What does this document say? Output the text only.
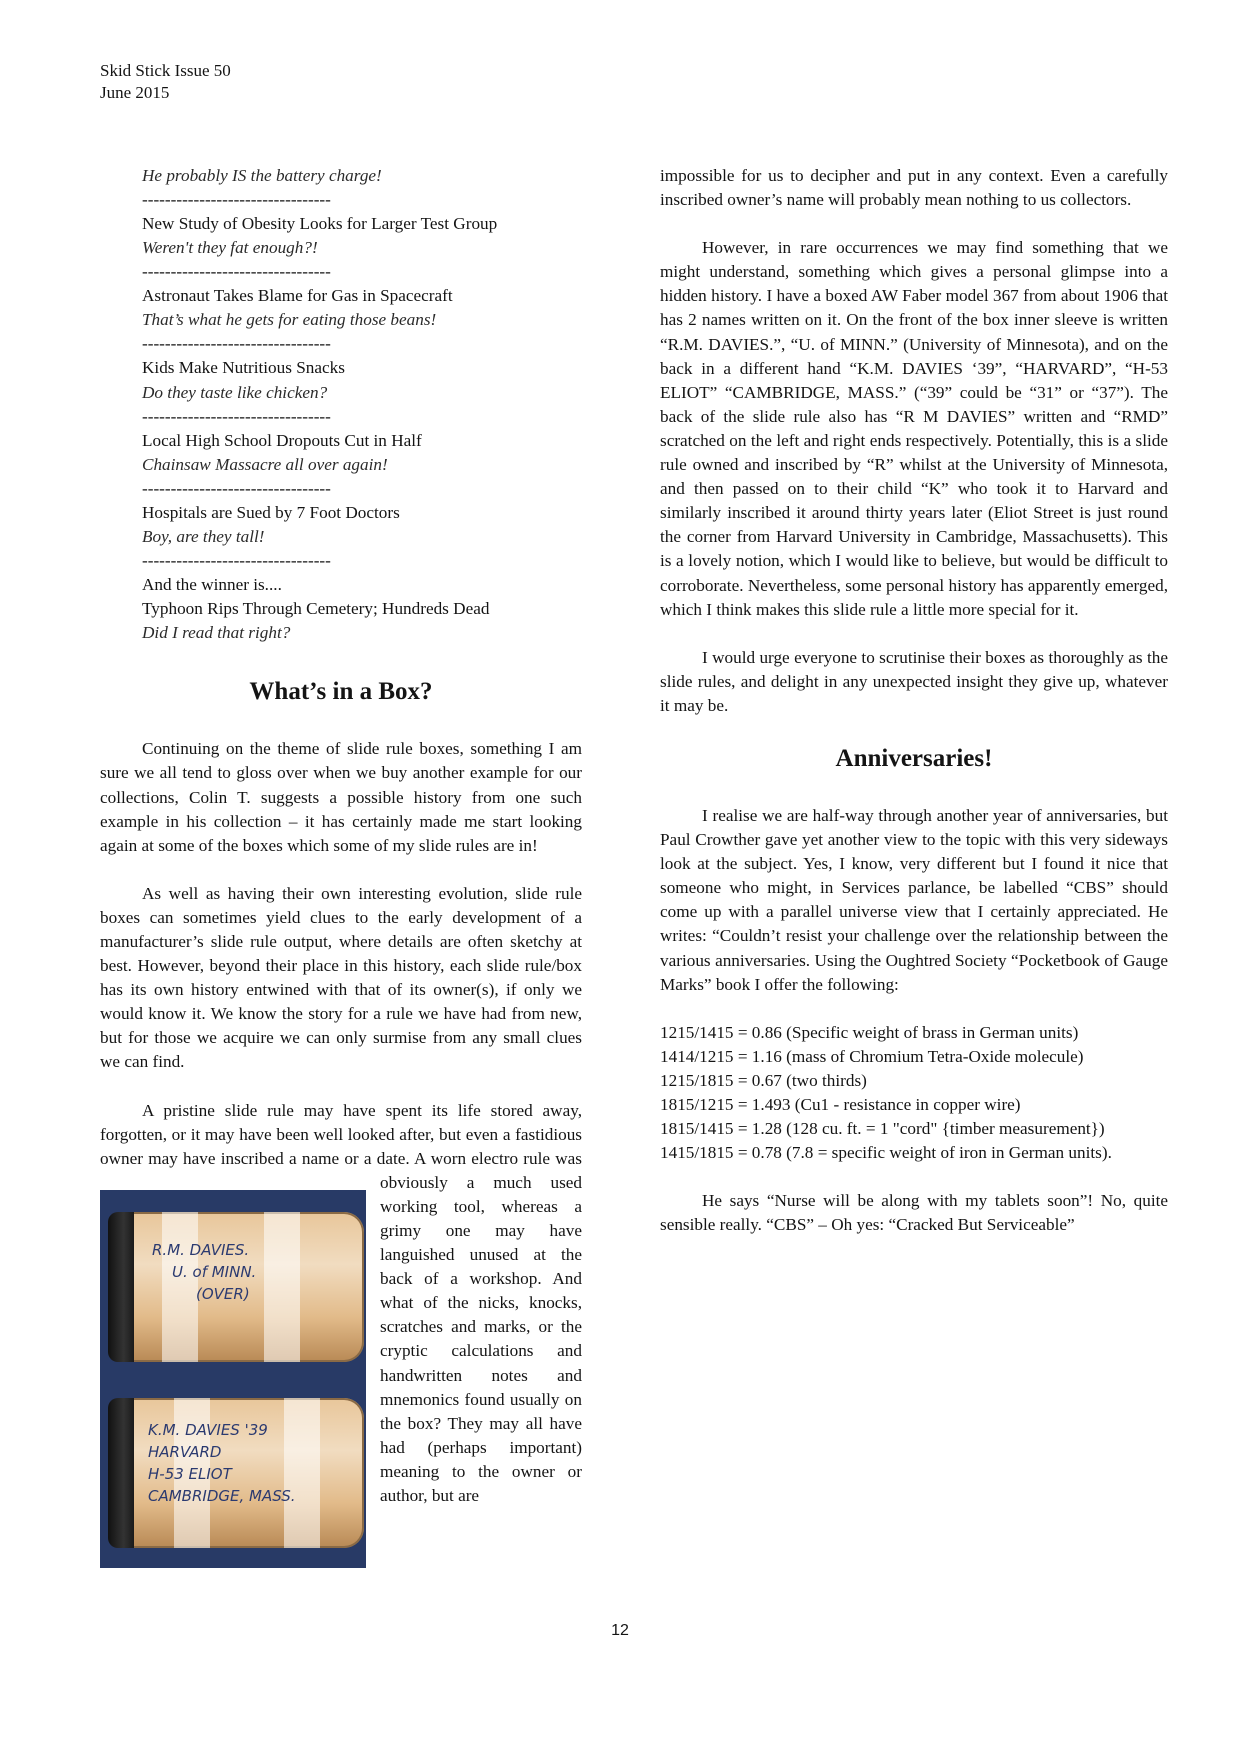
Skid Stick Issue 50
June 2015

He probably IS the battery charge!

---------------------------------

New Study of Obesity Looks for Larger Test Group

Weren't they fat enough?!

---------------------------------

Astronaut Takes Blame for Gas in Spacecraft

That’s what he gets for eating those beans!

---------------------------------

Kids Make Nutritious Snacks

Do they taste like chicken?

---------------------------------

Local High School Dropouts Cut in Half

Chainsaw Massacre all over again!

---------------------------------

Hospitals are Sued by 7 Foot Doctors

Boy, are they tall!

---------------------------------

And the winner is....

Typhoon Rips Through Cemetery; Hundreds Dead

Did I read that right?

What’s in a Box?

Continuing on the theme of slide rule boxes, something I am sure we all tend to gloss over when we buy another example for our collections, Colin T. suggests a possible history from one such example in his collection – it has certainly made me start looking again at some of the boxes which some of my slide rules are in!

As well as having their own interesting evolution, slide rule boxes can sometimes yield clues to the early development of a manufacturer’s slide rule output, where details are often sketchy at best. However, beyond their place in this history, each slide rule/box has its own history entwined with that of its owner(s), if only we would know it. We know the story for a rule we have had from new, but for those we acquire we can only surmise from any small clues we can find.

A pristine slide rule may have spent its life stored away, forgotten, or it may have been well looked after, but even a fastidious owner may have inscribed a name or a date. A worn electro rule was obviously a much used working tool, whereas a grimy one may have languished unused at the back of a workshop. And what of the nicks, knocks, scratches and marks, or the cryptic calculations and handwritten notes and mnemonics found usually on the box? They may all have had (perhaps important) meaning to the owner or author, but are

R.M. DAVIES.
U. of MINN.
(OVER)
K.M. DAVIES '39
HARVARD
H-53 ELIOT
CAMBRIDGE, MASS.

impossible for us to decipher and put in any context. Even a carefully inscribed owner’s name will probably mean nothing to us collectors.

However, in rare occurrences we may find something that we might understand, something which gives a personal glimpse into a hidden history. I have a boxed AW Faber model 367 from about 1906 that has 2 names written on it. On the front of the box inner sleeve is written “R.M. DAVIES.”, “U. of MINN.” (University of Minnesota), and on the back in a different hand “K.M. DAVIES ‘39”, “HARVARD”, “H-53 ELIOT” “CAMBRIDGE, MASS.” (“39” could be “31” or “37”). The back of the slide rule also has “R M DAVIES” written and “RMD” scratched on the left and right ends respectively. Potentially, this is a slide rule owned and inscribed by “R” whilst at the University of Minnesota, and then passed on to their child “K” who took it to Harvard and similarly inscribed it around thirty years later (Eliot Street is just round the corner from Harvard University in Cambridge, Massachusetts). This is a lovely notion, which I would like to believe, but would be difficult to corroborate. Nevertheless, some personal history has apparently emerged, which I think makes this slide rule a little more special for it.

I would urge everyone to scrutinise their boxes as thoroughly as the slide rules, and delight in any unexpected insight they give up, whatever it may be.

Anniversaries!

I realise we are half-way through another year of anniversaries, but Paul Crowther gave yet another view to the topic with this very sideways look at the subject. Yes, I know, very different but I found it nice that someone who might, in Services parlance, be labelled “CBS” should come up with a parallel universe view that I certainly appreciated. He writes: “Couldn’t resist your challenge over the relationship between the various anniversaries. Using the Oughtred Society “Pocketbook of Gauge Marks” book I offer the following:

1215/1415 = 0.86 (Specific weight of brass in German units)
1414/1215 = 1.16 (mass of Chromium Tetra-Oxide molecule)
1215/1815 = 0.67 (two thirds)
1815/1215 = 1.493 (Cu1 - resistance in copper wire)
1815/1415 = 1.28 (128 cu. ft. = 1 "cord" {timber measurement})
1415/1815 = 0.78 (7.8 = specific weight of iron in German units).

He says “Nurse will be along with my tablets soon”! No, quite sensible really. “CBS” – Oh yes: “Cracked But Serviceable”

12
